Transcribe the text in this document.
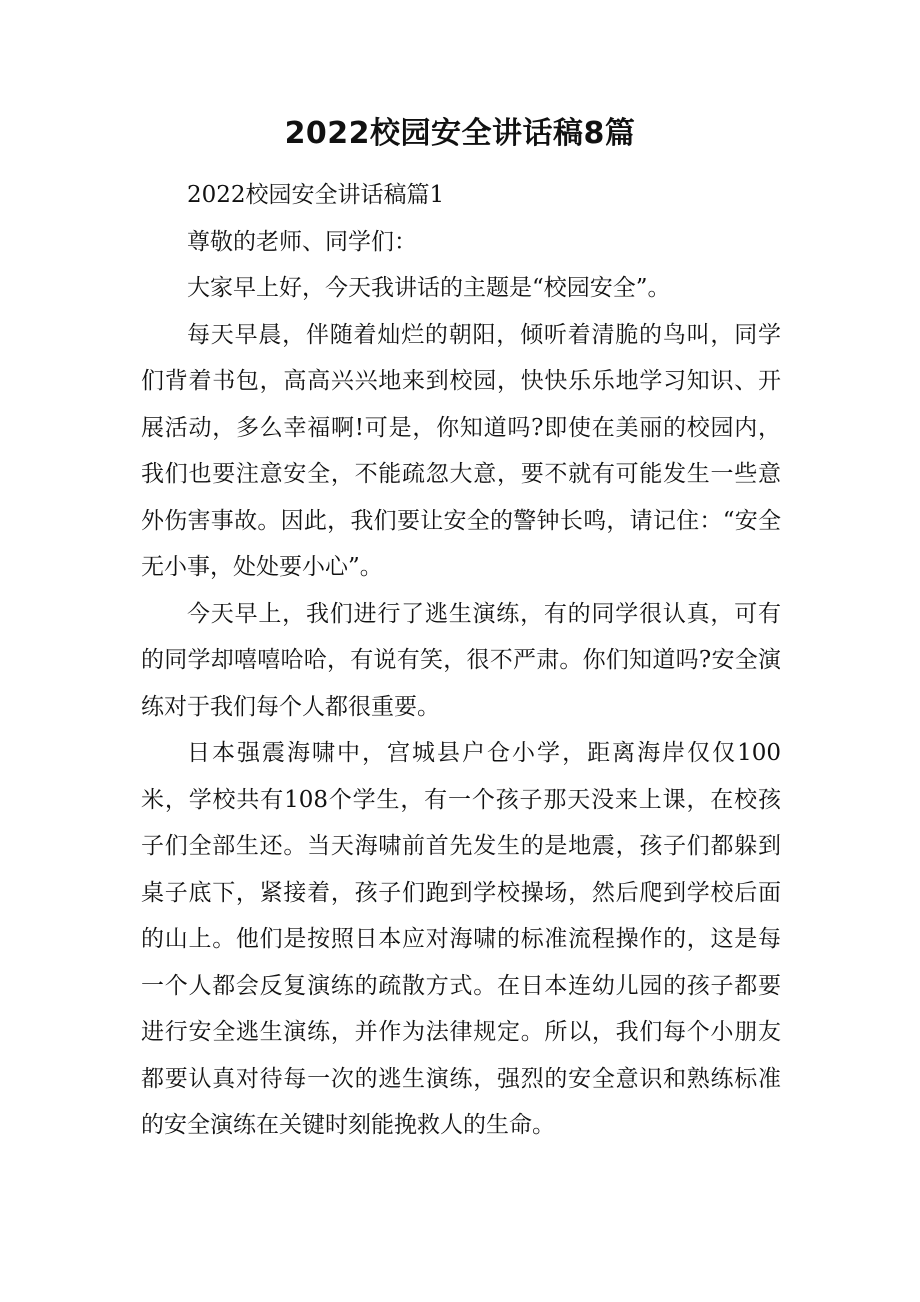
2022校园安全讲话稿8篇

2022校园安全讲话稿篇1

尊敬的老师、同学们：

大家早上好，今天我讲话的主题是“校园安全”。

每天早晨，伴随着灿烂的朝阳，倾听着清脆的鸟叫，同学们背着书包，高高兴兴地来到校园，快快乐乐地学习知识、开展活动，多么幸福啊!可是，你知道吗?即使在美丽的校园内，我们也要注意安全，不能疏忽大意，要不就有可能发生一些意外伤害事故。因此，我们要让安全的警钟长鸣，请记住：“安全无小事，处处要小心”。

今天早上，我们进行了逃生演练，有的同学很认真，可有的同学却嘻嘻哈哈，有说有笑，很不严肃。你们知道吗?安全演练对于我们每个人都很重要。

日本强震海啸中，宫城县户仓小学，距离海岸仅仅100米，学校共有108个学生，有一个孩子那天没来上课，在校孩子们全部生还。当天海啸前首先发生的是地震，孩子们都躲到桌子底下，紧接着，孩子们跑到学校操场，然后爬到学校后面的山上。他们是按照日本应对海啸的标准流程操作的，这是每一个人都会反复演练的疏散方式。在日本连幼儿园的孩子都要进行安全逃生演练，并作为法律规定。所以，我们每个小朋友都要认真对待每一次的逃生演练，强烈的安全意识和熟练标准的安全演练在关键时刻能挽救人的生命。
